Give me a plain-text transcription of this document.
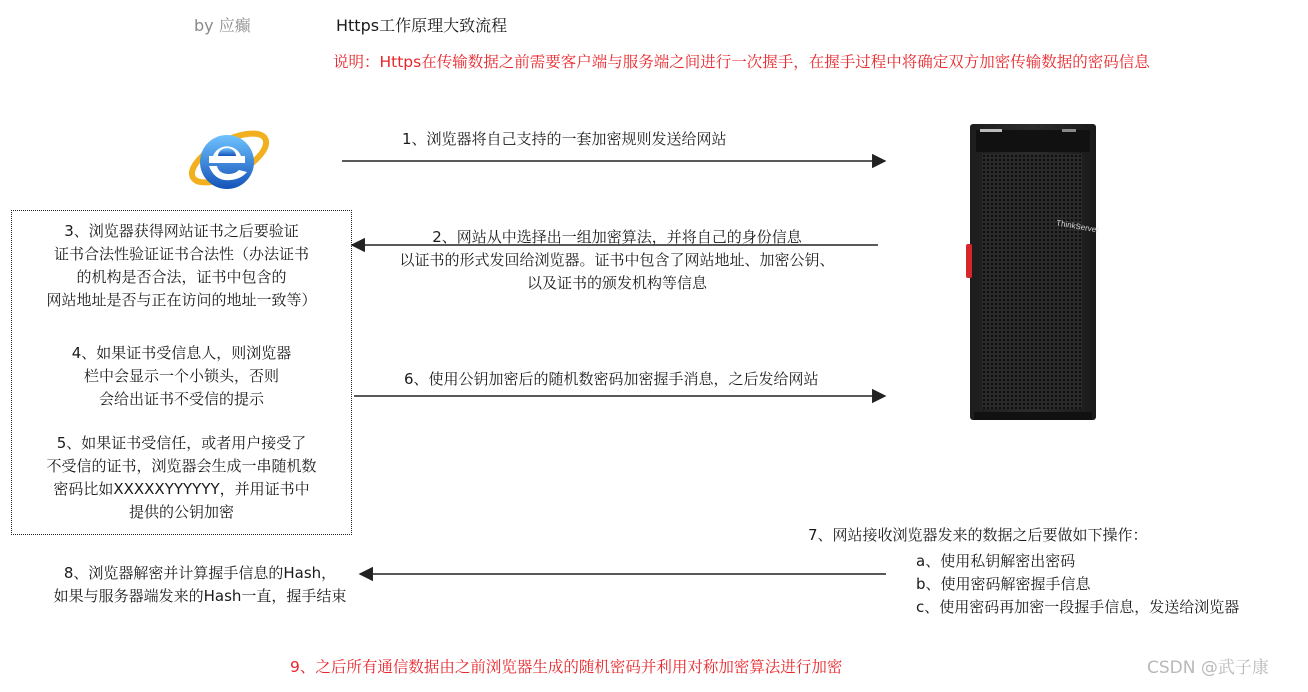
by 应癫	Https工作原理大致流程
说明：Https在传输数据之前需要客户端与服务端之间进行一次握手，在握手过程中将确定双方加密传输数据的密码信息
ThinkServer
1、浏览器将自己支持的一套加密规则发送给网站
2、网站从中选择出一组加密算法，并将自己的身份信息
以证书的形式发回给浏览器。证书中包含了网站地址、加密公钥、
以及证书的颁发机构等信息
3、浏览器获得网站证书之后要验证
证书合法性验证证书合法性（办法证书
的机构是否合法，证书中包含的
网站地址是否与正在访问的地址一致等）
4、如果证书受信息人，则浏览器
栏中会显示一个小锁头，否则
会给出证书不受信的提示
5、如果证书受信任，或者用户接受了
不受信的证书，浏览器会生成一串随机数
密码比如XXXXXYYYYYY，并用证书中
提供的公钥加密
6、使用公钥加密后的随机数密码加密握手消息，之后发给网站
7、网站接收浏览器发来的数据之后要做如下操作：
a、使用私钥解密出密码
b、使用密码解密握手信息
c、使用密码再加密一段握手信息，发送给浏览器
8、浏览器解密并计算握手信息的Hash，
如果与服务器端发来的Hash一直，握手结束
9、之后所有通信数据由之前浏览器生成的随机密码并利用对称加密算法进行加密	CSDN @武子康
